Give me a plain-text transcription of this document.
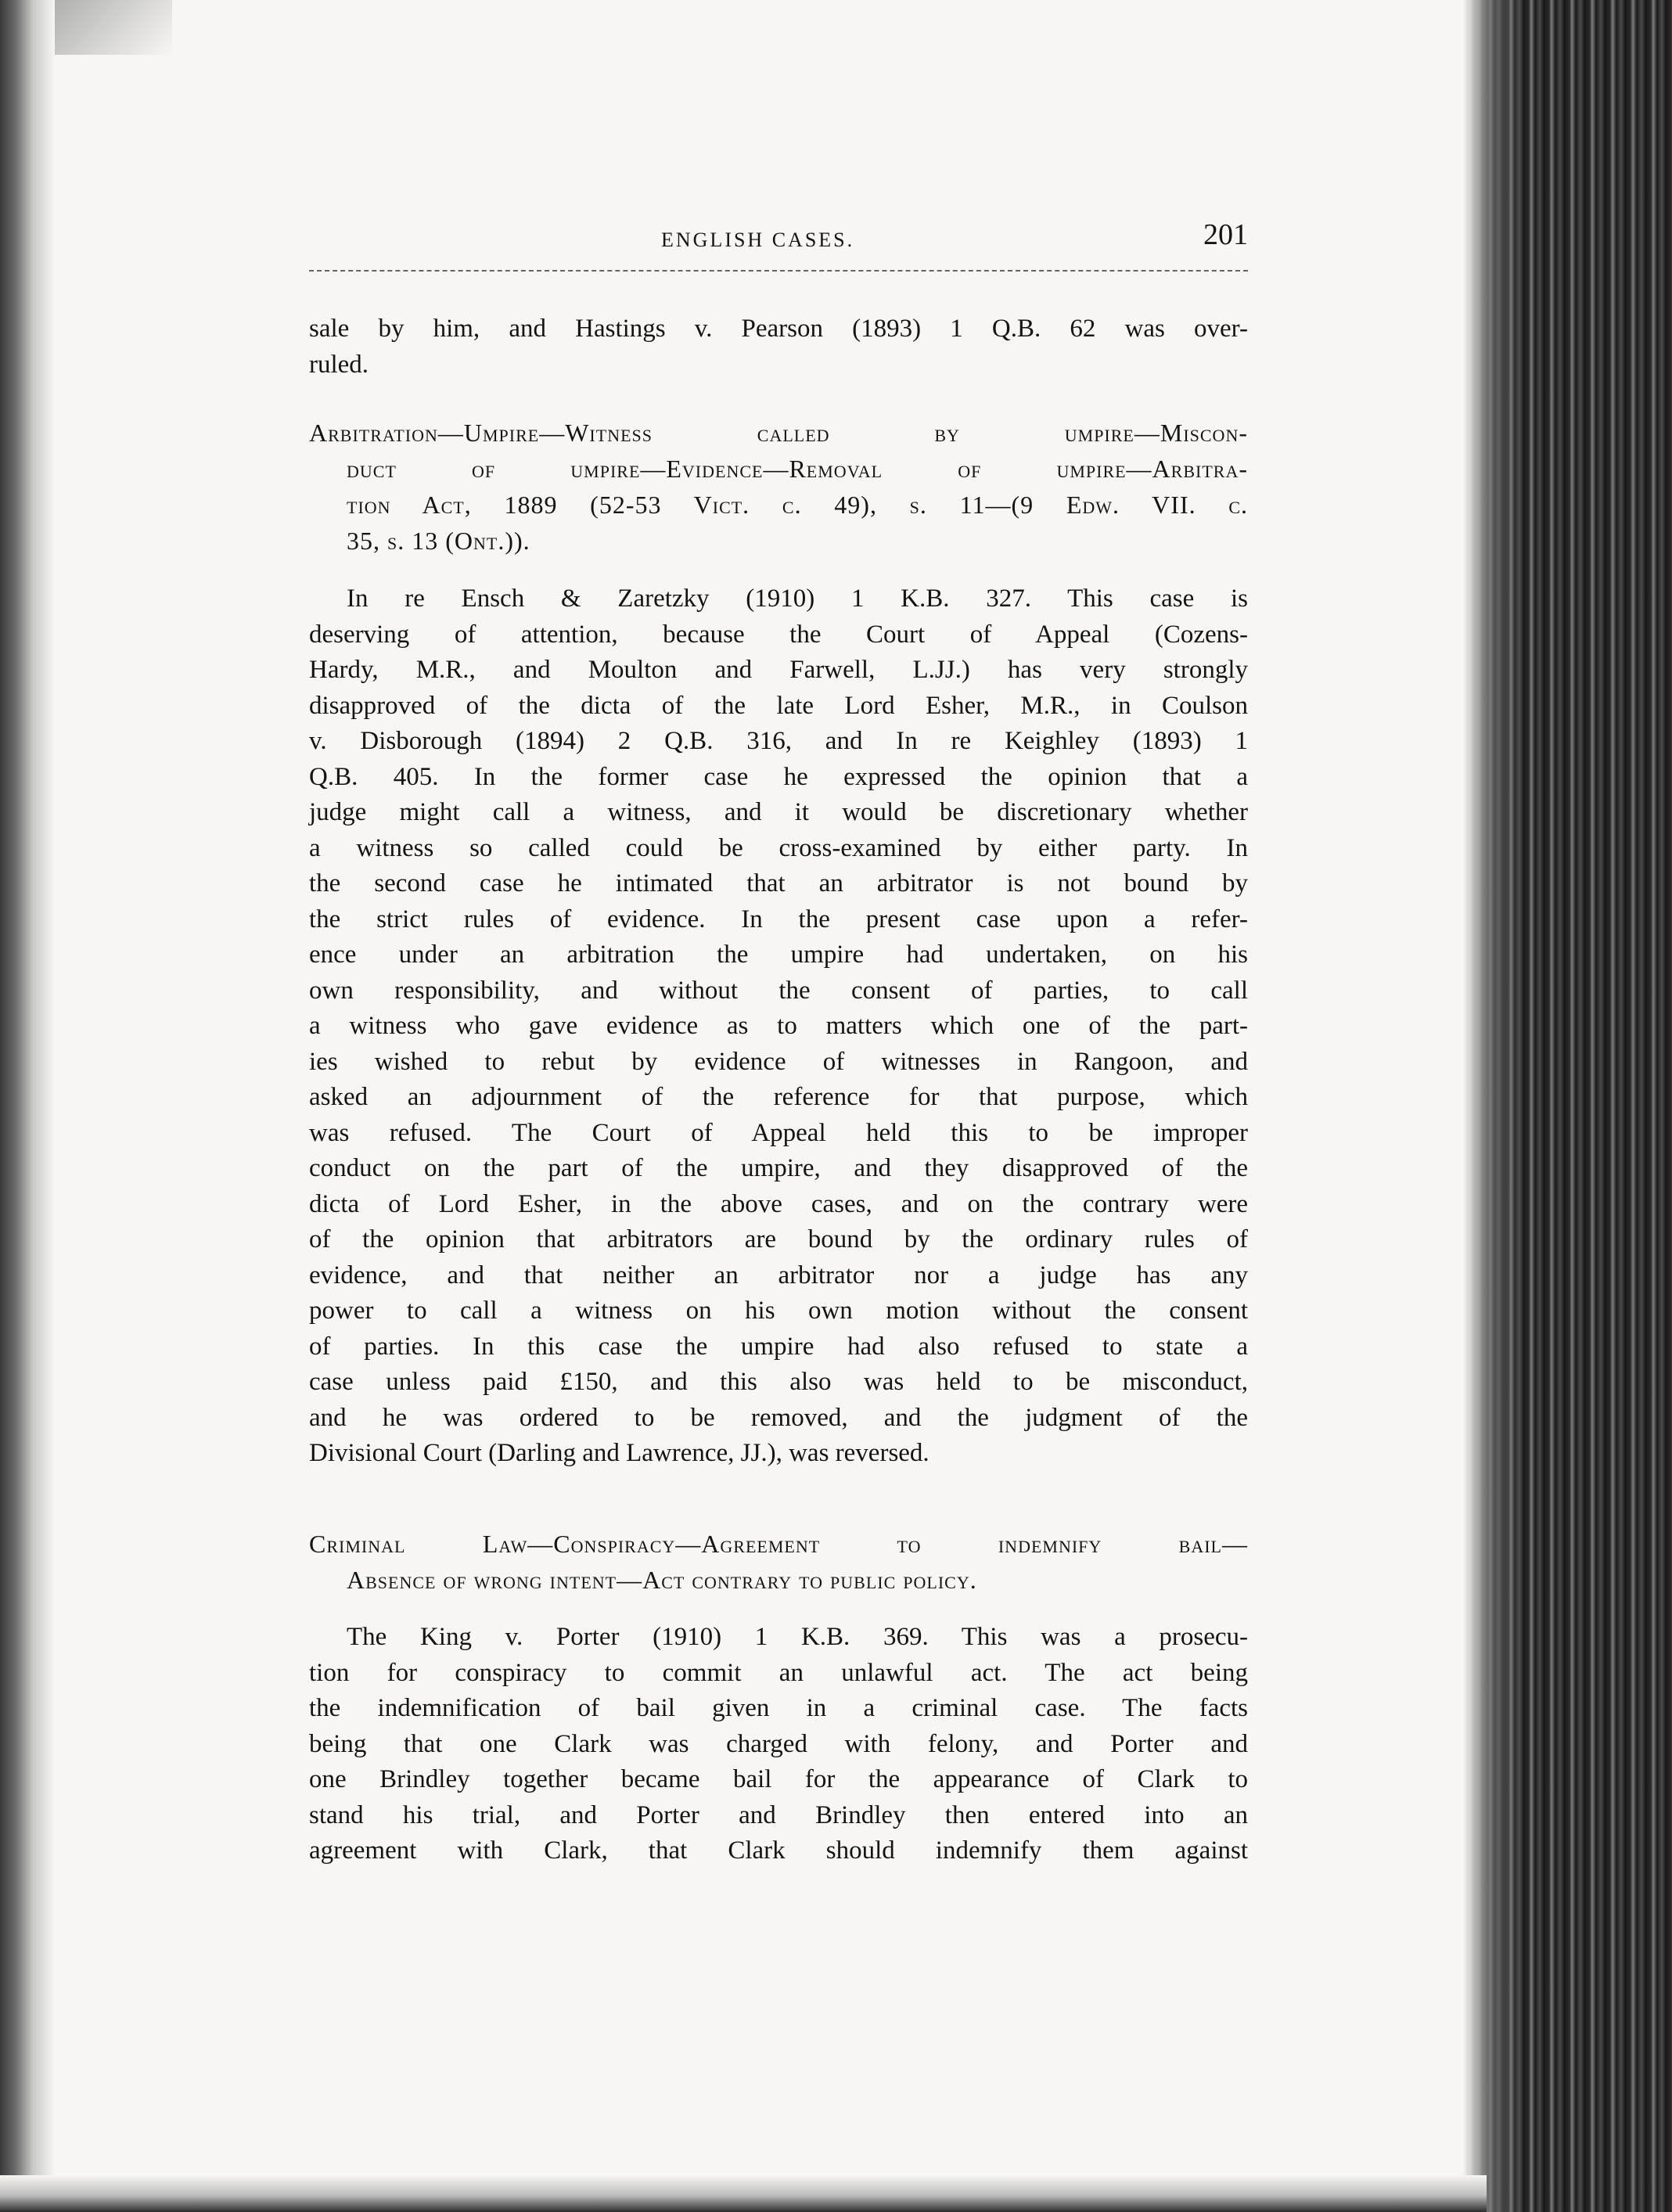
ENGLISH CASES.	201
sale by him, and Hastings v. Pearson (1893) 1 Q.B. 62 was over-
ruled.
Arbitration—Umpire—Witness called by umpire—Miscon-
duct of umpire—Evidence—Removal of umpire—Arbitra-
tion Act, 1889 (52-53 Vict. c. 49), s. 11—(9 Edw. VII. c.
35, s. 13 (Ont.)).
In re Ensch & Zaretzky (1910) 1 K.B. 327. This case is
deserving of attention, because the Court of Appeal (Cozens-
Hardy, M.R., and Moulton and Farwell, L.JJ.) has very strongly
disapproved of the dicta of the late Lord Esher, M.R., in Coulson
v. Disborough (1894) 2 Q.B. 316, and In re Keighley (1893) 1
Q.B. 405. In the former case he expressed the opinion that a
judge might call a witness, and it would be discretionary whether
a witness so called could be cross-examined by either party. In
the second case he intimated that an arbitrator is not bound by
the strict rules of evidence. In the present case upon a refer-
ence under an arbitration the umpire had undertaken, on his
own responsibility, and without the consent of parties, to call
a witness who gave evidence as to matters which one of the part-
ies wished to rebut by evidence of witnesses in Rangoon, and
asked an adjournment of the reference for that purpose, which
was refused. The Court of Appeal held this to be improper
conduct on the part of the umpire, and they disapproved of the
dicta of Lord Esher, in the above cases, and on the contrary were
of the opinion that arbitrators are bound by the ordinary rules of
evidence, and that neither an arbitrator nor a judge has any
power to call a witness on his own motion without the consent
of parties. In this case the umpire had also refused to state a
case unless paid £150, and this also was held to be misconduct,
and he was ordered to be removed, and the judgment of the
Divisional Court (Darling and Lawrence, JJ.), was reversed.
Criminal Law—Conspiracy—Agreement to indemnify bail—
Absence of wrong intent—Act contrary to public policy.
The King v. Porter (1910) 1 K.B. 369. This was a prosecu-
tion for conspiracy to commit an unlawful act. The act being
the indemnification of bail given in a criminal case. The facts
being that one Clark was charged with felony, and Porter and
one Brindley together became bail for the appearance of Clark to
stand his trial, and Porter and Brindley then entered into an
agreement with Clark, that Clark should indemnify them against
